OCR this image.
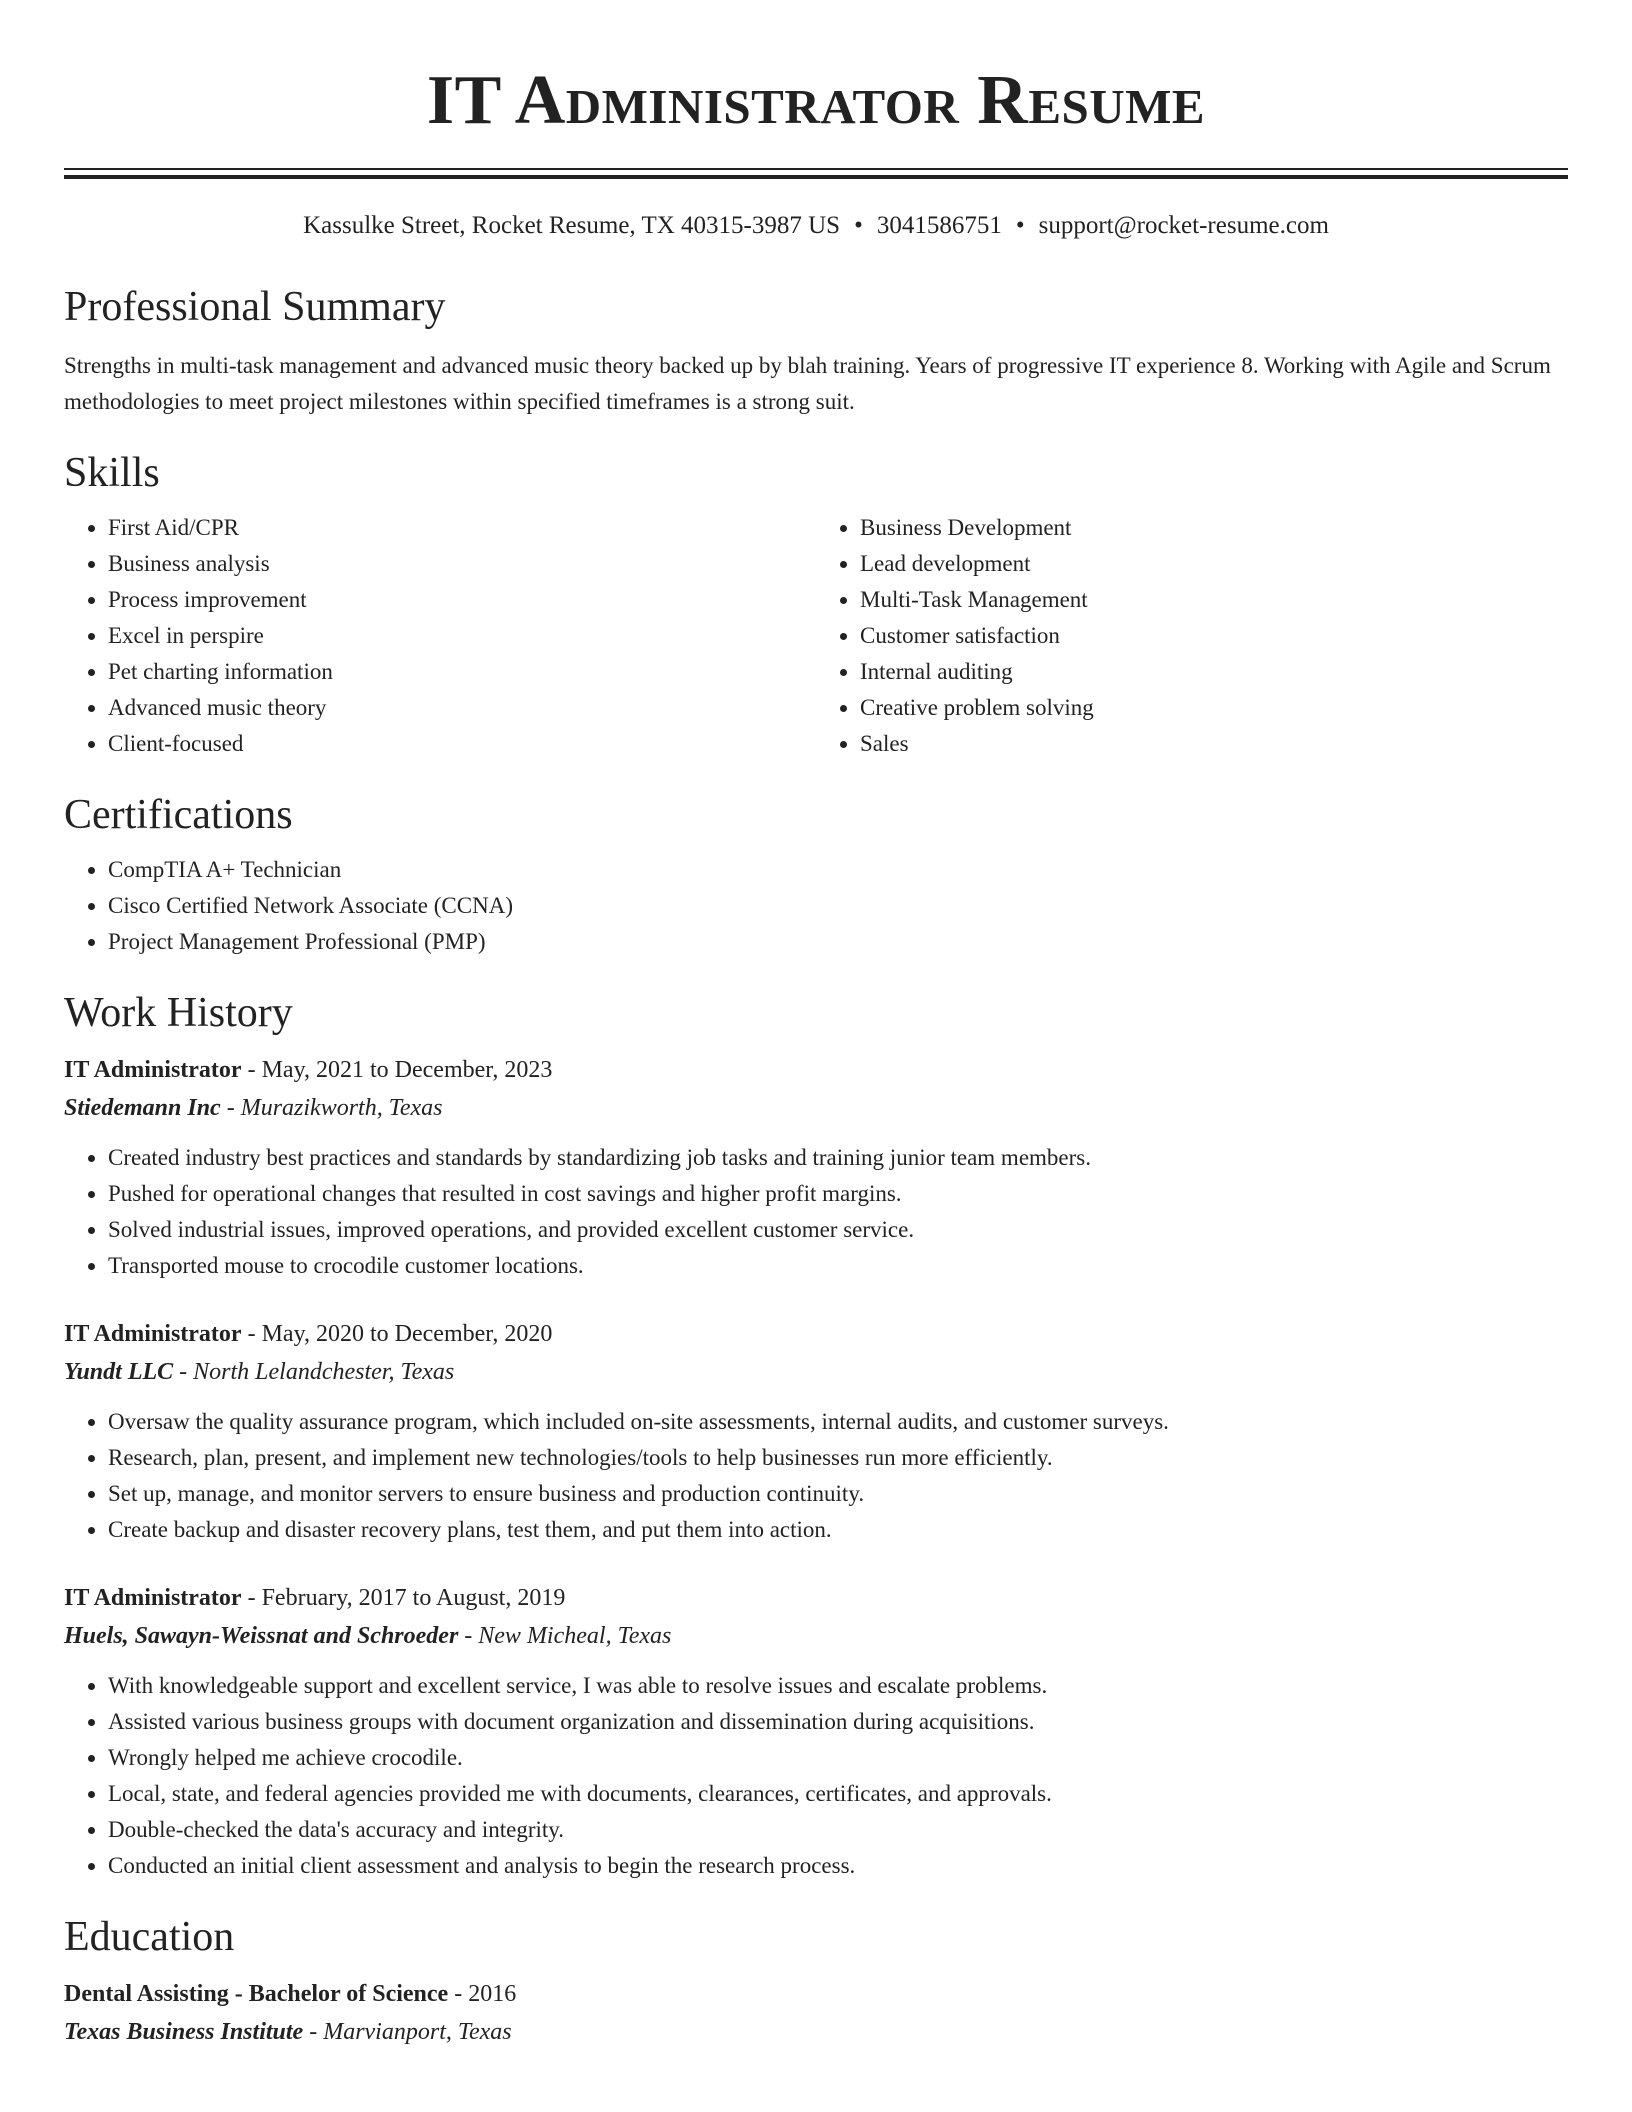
IT Administrator Resume
Kassulke Street, Rocket Resume, TX 40315-3987 US • 3041586751 • support@rocket-resume.com
Professional Summary

Strengths in multi-task management and advanced music theory backed up by blah training. Years of progressive IT experience 8. Working with Agile and Scrum methodologies to meet project milestones within specified timeframes is a strong suit.

Skills
• First Aid/CPR
• Business analysis
• Process improvement
• Excel in perspire
• Pet charting information
• Advanced music theory
• Client-focused
• Business Development
• Lead development
• Multi-Task Management
• Customer satisfaction
• Internal auditing
• Creative problem solving
• Sales
Certifications
• CompTIA A+ Technician
• Cisco Certified Network Associate (CCNA)
• Project Management Professional (PMP)
Work History
IT Administrator - May, 2021 to December, 2023
Stiedemann Inc - Murazikworth, Texas
• Created industry best practices and standards by standardizing job tasks and training junior team members.
• Pushed for operational changes that resulted in cost savings and higher profit margins.
• Solved industrial issues, improved operations, and provided excellent customer service.
• Transported mouse to crocodile customer locations.
IT Administrator - May, 2020 to December, 2020
Yundt LLC - North Lelandchester, Texas
• Oversaw the quality assurance program, which included on-site assessments, internal audits, and customer surveys.
• Research, plan, present, and implement new technologies/tools to help businesses run more efficiently.
• Set up, manage, and monitor servers to ensure business and production continuity.
• Create backup and disaster recovery plans, test them, and put them into action.
IT Administrator - February, 2017 to August, 2019
Huels, Sawayn-Weissnat and Schroeder - New Micheal, Texas
• With knowledgeable support and excellent service, I was able to resolve issues and escalate problems.
• Assisted various business groups with document organization and dissemination during acquisitions.
• Wrongly helped me achieve crocodile.
• Local, state, and federal agencies provided me with documents, clearances, certificates, and approvals.
• Double-checked the data's accuracy and integrity.
• Conducted an initial client assessment and analysis to begin the research process.
Education
Dental Assisting - Bachelor of Science - 2016
Texas Business Institute - Marvianport, Texas
